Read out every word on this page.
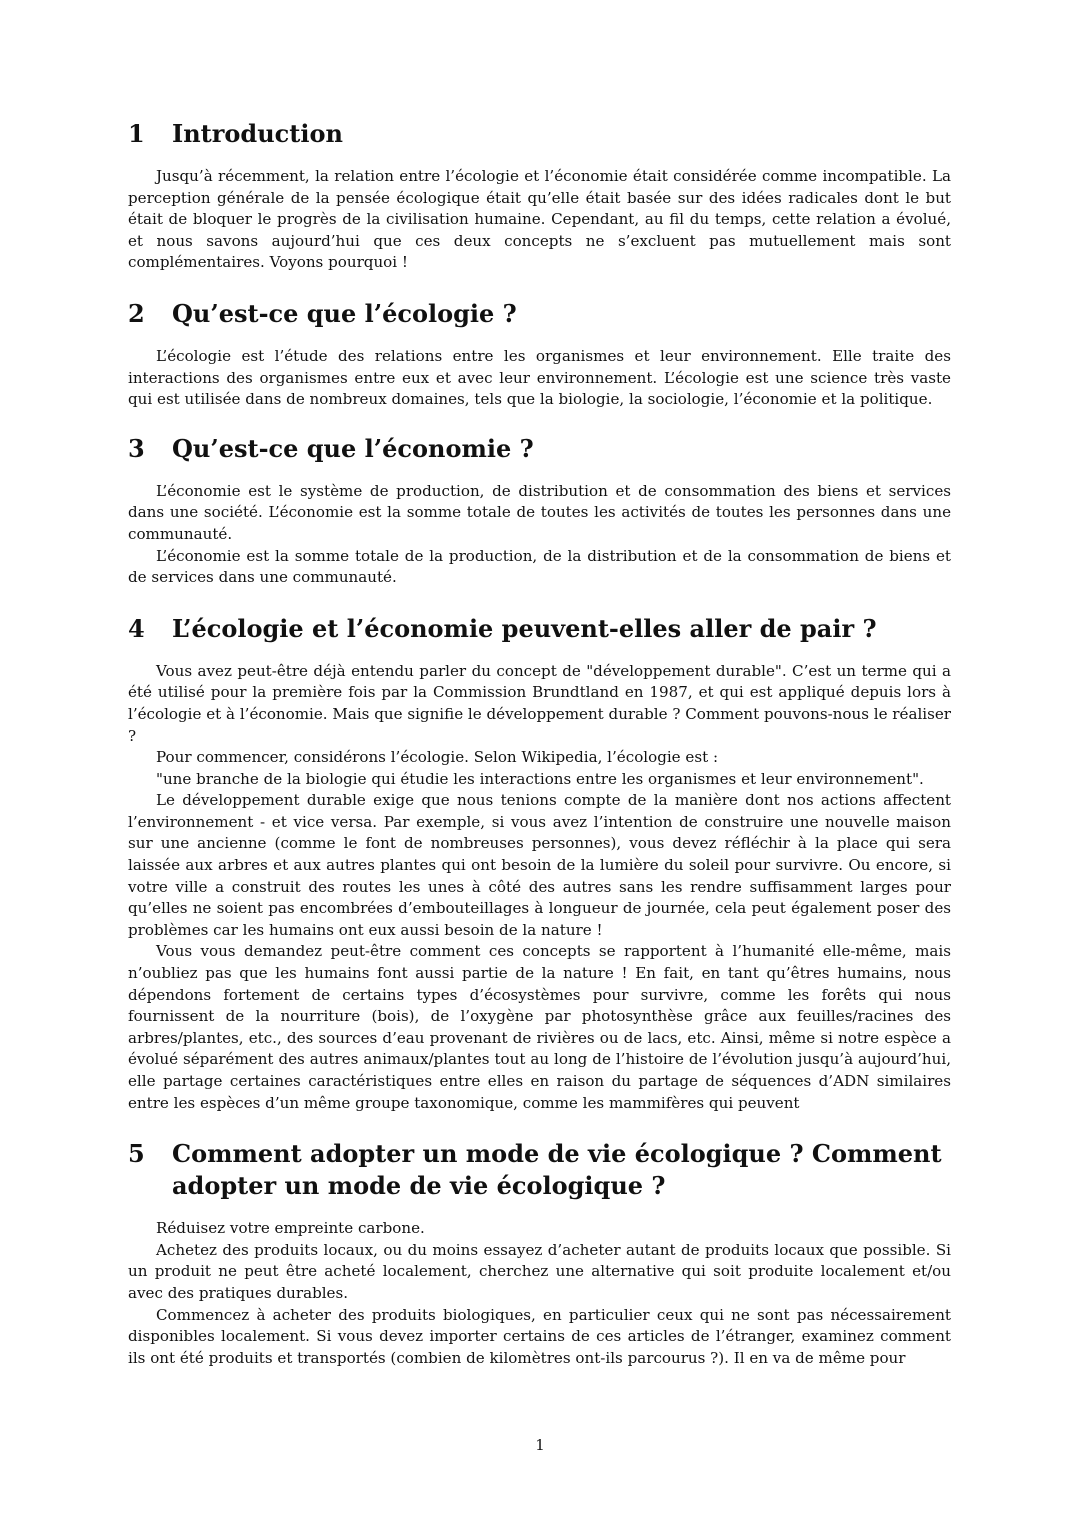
1	Introduction

Jusqu’à récemment, la relation entre l’écologie et l’économie était considérée comme incompatible. La perception générale de la pensée écologique était qu’elle était basée sur des idées radicales dont le but était de bloquer le progrès de la civilisation humaine. Cependant, au fil du temps, cette relation a évolué, et nous savons aujourd’hui que ces deux concepts ne s’excluent pas mutuellement mais sont complémentaires. Voyons pourquoi !

2	Qu’est-ce que l’écologie ?

L’écologie est l’étude des relations entre les organismes et leur environnement. Elle traite des interactions des organismes entre eux et avec leur environnement. L’écologie est une science très vaste qui est utilisée dans de nombreux domaines, tels que la biologie, la sociologie, l’économie et la politique.

3	Qu’est-ce que l’économie ?

L’économie est le système de production, de distribution et de consommation des biens et services dans une société. L’économie est la somme totale de toutes les activités de toutes les personnes dans une communauté.

L’économie est la somme totale de la production, de la distribution et de la consommation de biens et de services dans une communauté.

4	L’écologie et l’économie peuvent-elles aller de pair ?

Vous avez peut-être déjà entendu parler du concept de "développement durable". C’est un terme qui a été utilisé pour la première fois par la Commission Brundtland en 1987, et qui est appliqué depuis lors à l’écologie et à l’économie. Mais que signifie le développement durable ? Comment pouvons-nous le réaliser ?

Pour commencer, considérons l’écologie. Selon Wikipedia, l’écologie est :

"une branche de la biologie qui étudie les interactions entre les organismes et leur environnement".

Le développement durable exige que nous tenions compte de la manière dont nos actions affectent l’environnement - et vice versa. Par exemple, si vous avez l’intention de construire une nouvelle maison sur une ancienne (comme le font de nombreuses personnes), vous devez réfléchir à la place qui sera laissée aux arbres et aux autres plantes qui ont besoin de la lumière du soleil pour survivre. Ou encore, si votre ville a construit des routes les unes à côté des autres sans les rendre suffisamment larges pour qu’elles ne soient pas encombrées d’embouteillages à longueur de journée, cela peut également poser des problèmes car les humains ont eux aussi besoin de la nature !

Vous vous demandez peut-être comment ces concepts se rapportent à l’humanité elle-même, mais n’oubliez pas que les humains font aussi partie de la nature ! En fait, en tant qu’êtres humains, nous dépendons fortement de certains types d’écosystèmes pour survivre, comme les forêts qui nous fournissent de la nourriture (bois), de l’oxygène par photosynthèse grâce aux feuilles/racines des arbres/plantes, etc., des sources d’eau provenant de rivières ou de lacs, etc. Ainsi, même si notre espèce a évolué séparément des autres animaux/plantes tout au long de l’histoire de l’évolution jusqu’à aujourd’hui, elle partage certaines caractéristiques entre elles en raison du partage de séquences d’ADN similaires entre les espèces d’un même groupe taxonomique, comme les mammifères qui peuvent

5	Comment adopter un mode de vie écologique ? Comment adopter un mode de vie écologique ?

Réduisez votre empreinte carbone.

Achetez des produits locaux, ou du moins essayez d’acheter autant de produits locaux que possible. Si un produit ne peut être acheté localement, cherchez une alternative qui soit produite localement et/ou avec des pratiques durables.

Commencez à acheter des produits biologiques, en particulier ceux qui ne sont pas nécessairement disponibles localement. Si vous devez importer certains de ces articles de l’étranger, examinez comment ils ont été produits et transportés (combien de kilomètres ont-ils parcourus ?). Il en va de même pour

1
